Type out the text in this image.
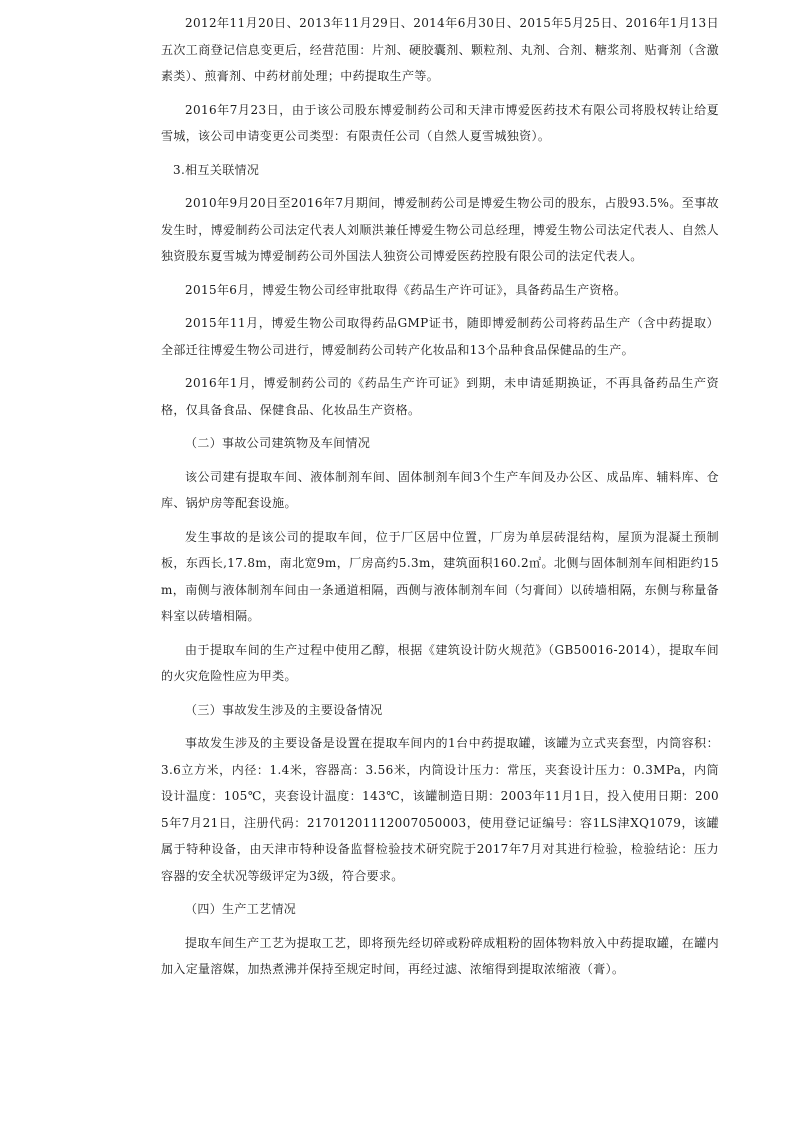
2012年11月20日、2013年11月29日、2014年6月30日、2015年5月25日、2016年1月13日五次工商登记信息变更后，经营范围：片剂、硬胶囊剂、颗粒剂、丸剂、合剂、糖浆剂、贴膏剂（含激素类）、煎膏剂、中药材前处理；中药提取生产等。

2016年7月23日，由于该公司股东博爱制药公司和天津市博爱医药技术有限公司将股权转让给夏雪城，该公司申请变更公司类型：有限责任公司（自然人夏雪城独资）。

3.相互关联情况

2010年9月20日至2016年7月期间，博爱制药公司是博爱生物公司的股东，占股93.5%。至事故发生时，博爱制药公司法定代表人刘顺洪兼任博爱生物公司总经理，博爱生物公司法定代表人、自然人独资股东夏雪城为博爱制药公司外国法人独资公司博爱医药控股有限公司的法定代表人。

2015年6月，博爱生物公司经审批取得《药品生产许可证》，具备药品生产资格。

2015年11月，博爱生物公司取得药品GMP证书，随即博爱制药公司将药品生产（含中药提取）全部迁往博爱生物公司进行，博爱制药公司转产化妆品和13个品种食品保健品的生产。

2016年1月，博爱制药公司的《药品生产许可证》到期，未申请延期换证，不再具备药品生产资格，仅具备食品、保健食品、化妆品生产资格。

（二）事故公司建筑物及车间情况

该公司建有提取车间、液体制剂车间、固体制剂车间3个生产车间及办公区、成品库、辅料库、仓库、锅炉房等配套设施。

发生事故的是该公司的提取车间，位于厂区居中位置，厂房为单层砖混结构，屋顶为混凝土预制板，东西长,17.8m，南北宽9m，厂房高约5.3m，建筑面积160.2㎡。北侧与固体制剂车间相距约15m，南侧与液体制剂车间由一条通道相隔，西侧与液体制剂车间（匀膏间）以砖墙相隔，东侧与称量备料室以砖墙相隔。

由于提取车间的生产过程中使用乙醇，根据《建筑设计防火规范》（GB50016-2014），提取车间的火灾危险性应为甲类。

（三）事故发生涉及的主要设备情况

事故发生涉及的主要设备是设置在提取车间内的1台中药提取罐，该罐为立式夹套型，内筒容积：3.6立方米，内径：1.4米，容器高：3.56米，内筒设计压力：常压，夹套设计压力：0.3MPa，内筒设计温度：105℃，夹套设计温度：143℃，该罐制造日期：2003年11月1日，投入使用日期：2005年7月21日，注册代码：21701201112007050003，使用登记证编号：容1LS津XQ1079，该罐属于特种设备，由天津市特种设备监督检验技术研究院于2017年7月对其进行检验，检验结论：压力容器的安全状况等级评定为3级，符合要求。

（四）生产工艺情况

提取车间生产工艺为提取工艺，即将预先经切碎或粉碎成粗粉的固体物料放入中药提取罐，在罐内加入定量溶媒，加热煮沸并保持至规定时间，再经过滤、浓缩得到提取浓缩液（膏）。
